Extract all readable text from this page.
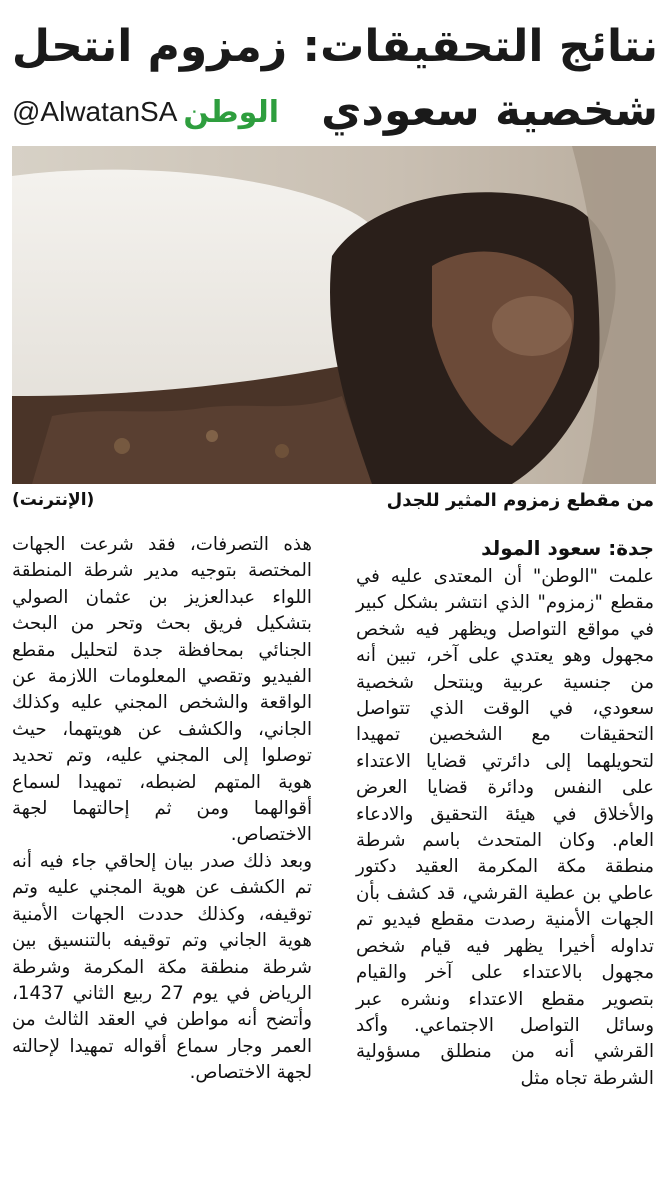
نتائج التحقيقات: زمزوم انتحل
شخصية سعودي
@AlwatanSA الوطن
من مقطع زمزوم المثير للجدل
(الإنترنت)
جدة: سعود المولد

علمت "الوطن" أن المعتدى عليه في مقطع "زمزوم" الذي انتشر بشكل كبير في مواقع التواصل ويظهر فيه شخص مجهول وهو يعتدي على آخر، تبين أنه من جنسية عربية وينتحل شخصية سعودي، في الوقت الذي تتواصل التحقيقات مع الشخصين تمهيدا لتحويلهما إلى دائرتي قضايا الاعتداء على النفس ودائرة قضايا العرض والأخلاق في هيئة التحقيق والادعاء العام. وكان المتحدث باسم شرطة منطقة مكة المكرمة العقيد دكتور عاطي بن عطية القرشي، قد كشف بأن الجهات الأمنية رصدت مقطع فيديو تم تداوله أخيرا يظهر فيه قيام شخص مجهول بالاعتداء على آخر والقيام بتصوير مقطع الاعتداء ونشره عبر وسائل التواصل الاجتماعي. وأكد القرشي أنه من منطلق مسؤولية الشرطة تجاه مثل

هذه التصرفات، فقد شرعت الجهات المختصة بتوجيه مدير شرطة المنطقة اللواء عبدالعزيز بن عثمان الصولي بتشكيل فريق بحث وتحر من البحث الجنائي بمحافظة جدة لتحليل مقطع الفيديو وتقصي المعلومات اللازمة عن الواقعة والشخص المجني عليه وكذلك الجاني، والكشف عن هويتهما، حيث توصلوا إلى المجني عليه، وتم تحديد هوية المتهم لضبطه، تمهيدا لسماع أقوالهما ومن ثم إحالتهما لجهة الاختصاص.

وبعد ذلك صدر بيان إلحاقي جاء فيه أنه تم الكشف عن هوية المجني عليه وتم توقيفه، وكذلك حددت الجهات الأمنية هوية الجاني وتم توقيفه بالتنسيق بين شرطة منطقة مكة المكرمة وشرطة الرياض في يوم 27 ربيع الثاني 1437، وأتضح أنه مواطن في العقد الثالث من العمر وجار سماع أقواله تمهيدا لإحالته لجهة الاختصاص.
